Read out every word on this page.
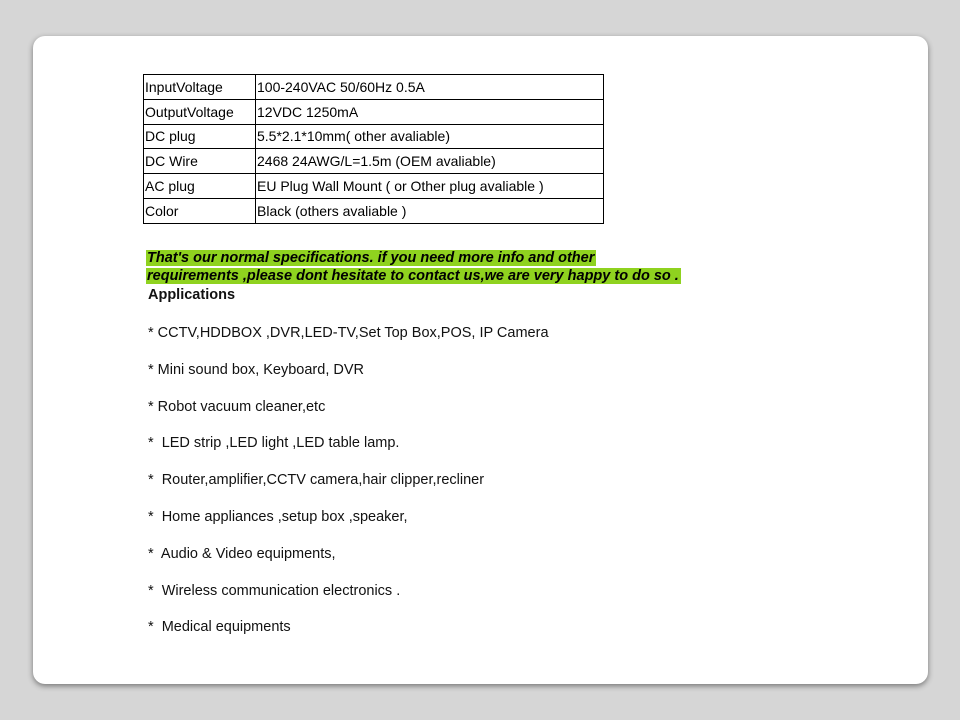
InputVoltage	100-240VAC 50/60Hz 0.5A
OutputVoltage	12VDC 1250mA
DC plug	5.5*2.1*10mm( other avaliable)
DC Wire	2468 24AWG/L=1.5m (OEM avaliable)
AC plug	EU Plug Wall Mount ( or Other plug avaliable )
Color	Black (others avaliable )
That's our normal specifications. if you need more info and other
requirements ,please dont hesitate to contact us,we are very happy to do so .
Applications
* CCTV,HDDBOX ,DVR,LED-TV,Set Top Box,POS, IP Camera
* Mini sound box, Keyboard, DVR
* Robot vacuum cleaner,etc
*  LED strip ,LED light ,LED table lamp.
*  Router,amplifier,CCTV camera,hair clipper,recliner
*  Home appliances ,setup box ,speaker,
*  Audio & Video equipments,
*  Wireless communication electronics .
*  Medical equipments
